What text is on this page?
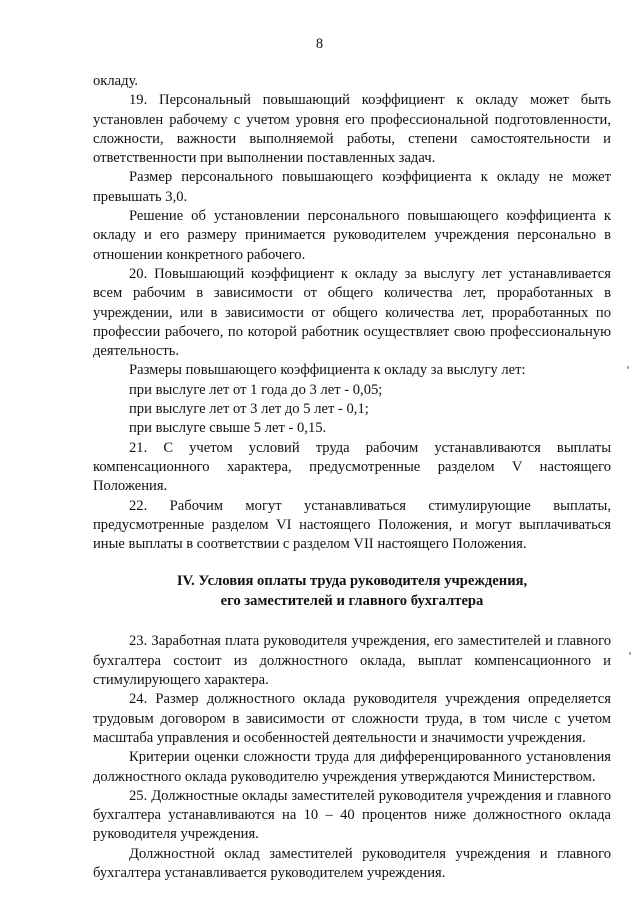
8

окладу.

19. Персональный повышающий коэффициент к окладу может быть установлен рабочему с учетом уровня его профессиональной подготовленности, сложности, важности выполняемой работы, степени самостоятельности и ответственности при выполнении поставленных задач.

Размер персонального повышающего коэффициента к окладу не может превышать 3,0.

Решение об установлении персонального повышающего коэффициента к окладу и его размеру принимается руководителем учреждения персонально в отношении конкретного рабочего.

20. Повышающий коэффициент к окладу за выслугу лет устанавливается всем рабочим в зависимости от общего количества лет, проработанных в учреждении, или в зависимости от общего количества лет, проработанных по профессии рабочего, по которой работник осуществляет свою профессиональную деятельность.

Размеры повышающего коэффициента к окладу за выслугу лет:

при выслуге лет от 1 года до 3 лет - 0,05;

при выслуге лет от 3 лет до 5 лет - 0,1;

при выслуге свыше 5 лет - 0,15.

21. С учетом условий труда рабочим устанавливаются выплаты компенсационного характера, предусмотренные разделом V настоящего Положения.

22. Рабочим могут устанавливаться стимулирующие выплаты, предусмотренные разделом VI настоящего Положения, и могут выплачиваться иные выплаты в соответствии с разделом VII настоящего Положения.

IV. Условия оплаты труда руководителя учреждения,
его заместителей и главного бухгалтера

23. Заработная плата руководителя учреждения, его заместителей и главного бухгалтера состоит из должностного оклада, выплат компенсационного и стимулирующего характера.

24. Размер должностного оклада руководителя учреждения определяется трудовым договором в зависимости от сложности труда, в том числе с учетом масштаба управления и особенностей деятельности и значимости учреждения.

Критерии оценки сложности труда для дифференцированного установления должностного оклада руководителю учреждения утверждаются Министерством.

25. Должностные оклады заместителей руководителя учреждения и главного бухгалтера устанавливаются на 10 – 40 процентов ниже должностного оклада руководителя учреждения.

Должностной оклад заместителей руководителя учреждения и главного бухгалтера устанавливается руководителем учреждения.
